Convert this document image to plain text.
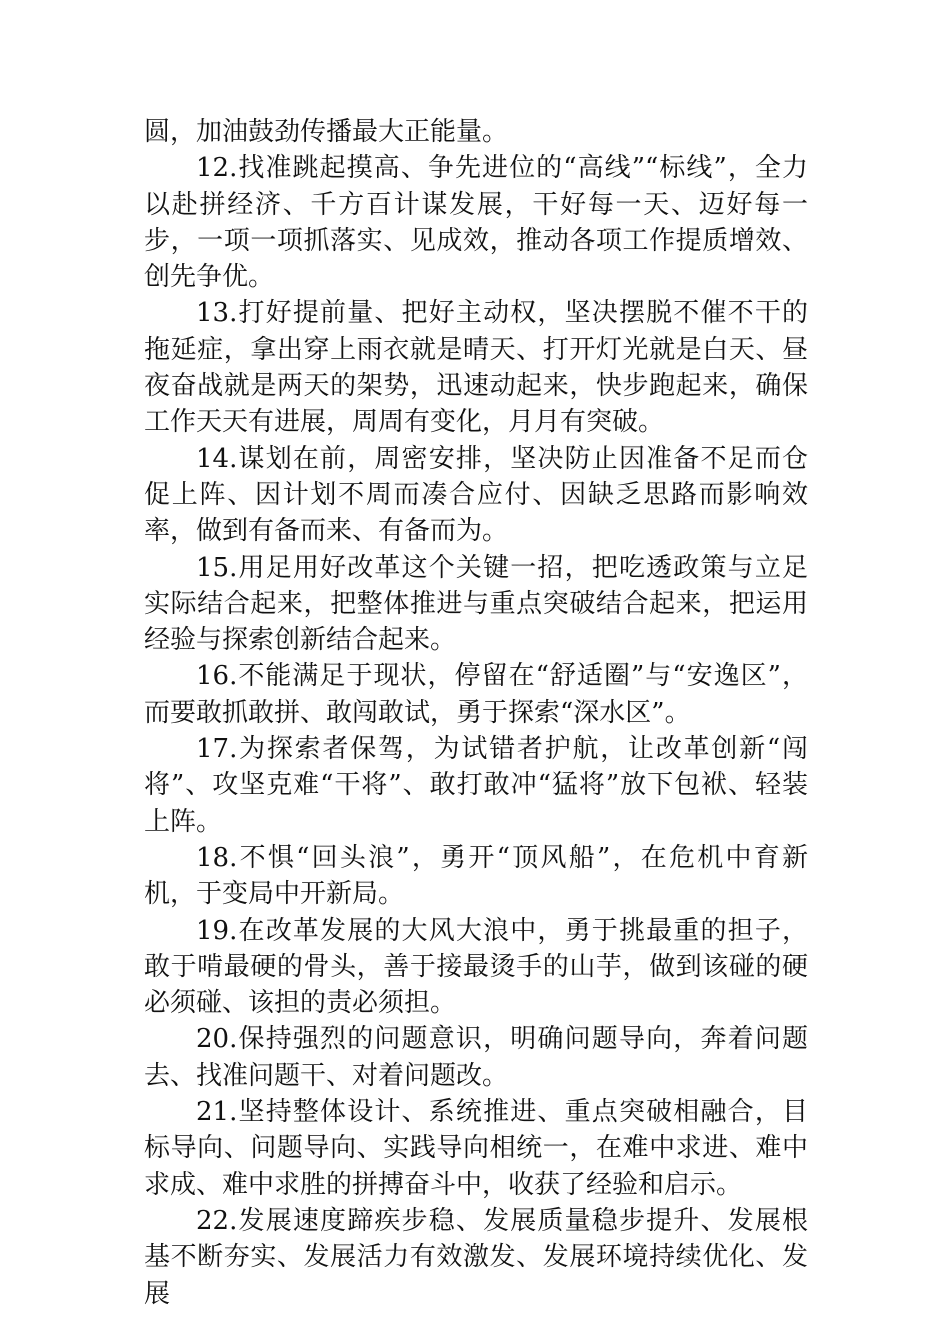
圆，加油鼓劲传播最大正能量。

12.找准跳起摸高、争先进位的“高线”“标线”，全力以赴拼经济、千方百计谋发展，干好每一天、迈好每一步，一项一项抓落实、见成效，推动各项工作提质增效、创先争优。

13.打好提前量、把好主动权，坚决摆脱不催不干的拖延症，拿出穿上雨衣就是晴天、打开灯光就是白天、昼夜奋战就是两天的架势，迅速动起来，快步跑起来，确保工作天天有进展，周周有变化，月月有突破。

14.谋划在前，周密安排，坚决防止因准备不足而仓促上阵、因计划不周而凑合应付、因缺乏思路而影响效率，做到有备而来、有备而为。

15.用足用好改革这个关键一招，把吃透政策与立足实际结合起来，把整体推进与重点突破结合起来，把运用经验与探索创新结合起来。

16.不能满足于现状，停留在“舒适圈”与“安逸区”，而要敢抓敢拼、敢闯敢试，勇于探索“深水区”。

17.为探索者保驾，为试错者护航，让改革创新“闯将”、攻坚克难“干将”、敢打敢冲“猛将”放下包袱、轻装上阵。

18.不惧“回头浪”，勇开“顶风船”，在危机中育新机，于变局中开新局。

19.在改革发展的大风大浪中，勇于挑最重的担子，敢于啃最硬的骨头，善于接最烫手的山芋，做到该碰的硬必须碰、该担的责必须担。

20.保持强烈的问题意识，明确问题导向，奔着问题去、找准问题干、对着问题改。

21.坚持整体设计、系统推进、重点突破相融合，目标导向、问题导向、实践导向相统一，在难中求进、难中求成、难中求胜的拼搏奋斗中，收获了经验和启示。

22.发展速度蹄疾步稳、发展质量稳步提升、发展根基不断夯实、发展活力有效激发、发展环境持续优化、发展
